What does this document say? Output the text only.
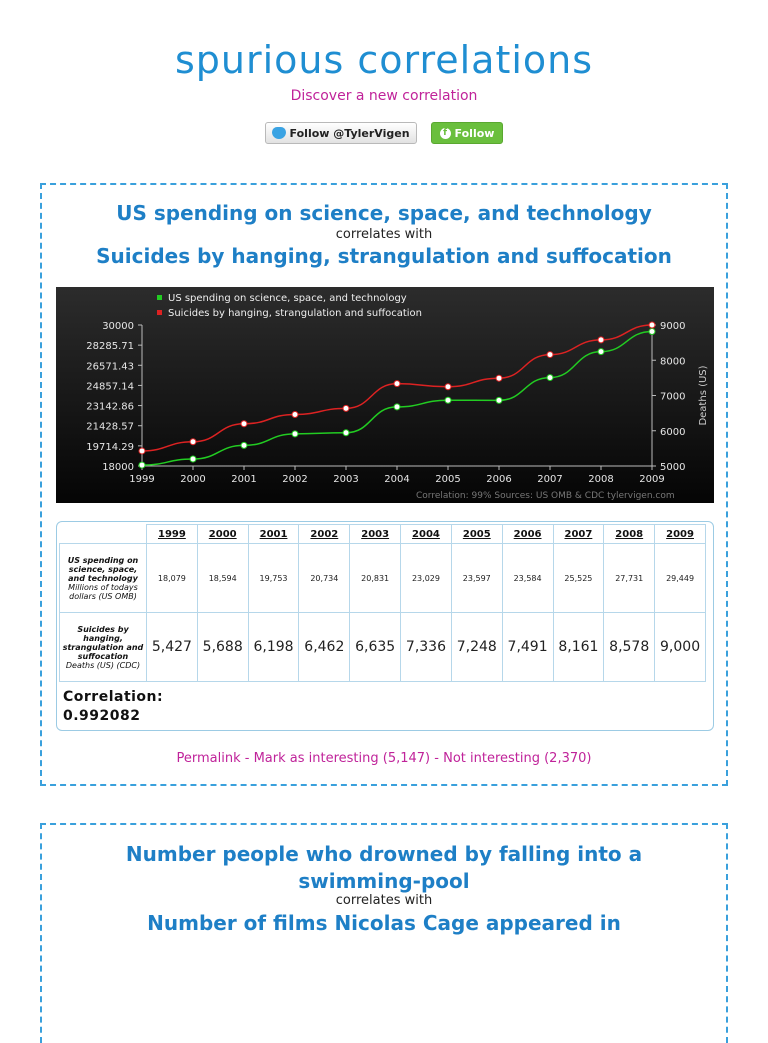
spurious correlations
Discover a new correlation
Follow @TylerVigen	f Follow
US spending on science, space, and technology
correlates with
Suicides by hanging, strangulation and suffocation
30000
28285.71
26571.43
24857.14
23142.86
21428.57
19714.29
18000
9000
8000
7000
6000
5000
Deaths (US)
1999	2000	2001	2002	2003	2004	2005	2006	2007	2008	2009
US spending on science, space, and technology
Suicides by hanging, strangulation and suffocation
Correlation: 99% Sources: US OMB & CDC tylervigen.com
	1999	2000	2001	2002	2003	2004	2005	2006	2007	2008	2009
US spending on science, space, and technology
Millions of todays dollars (US OMB)	18,079	18,594	19,753	20,734	20,831	23,029	23,597	23,584	25,525	27,731	29,449
Suicides by hanging, strangulation and suffocation
Deaths (US) (CDC)	5,427	5,688	6,198	6,462	6,635	7,336	7,248	7,491	8,161	8,578	9,000
Correlation:
0.992082
Permalink - Mark as interesting (5,147) - Not interesting (2,370)
Number people who drowned by falling into a swimming-pool
correlates with
Number of films Nicolas Cage appeared in
